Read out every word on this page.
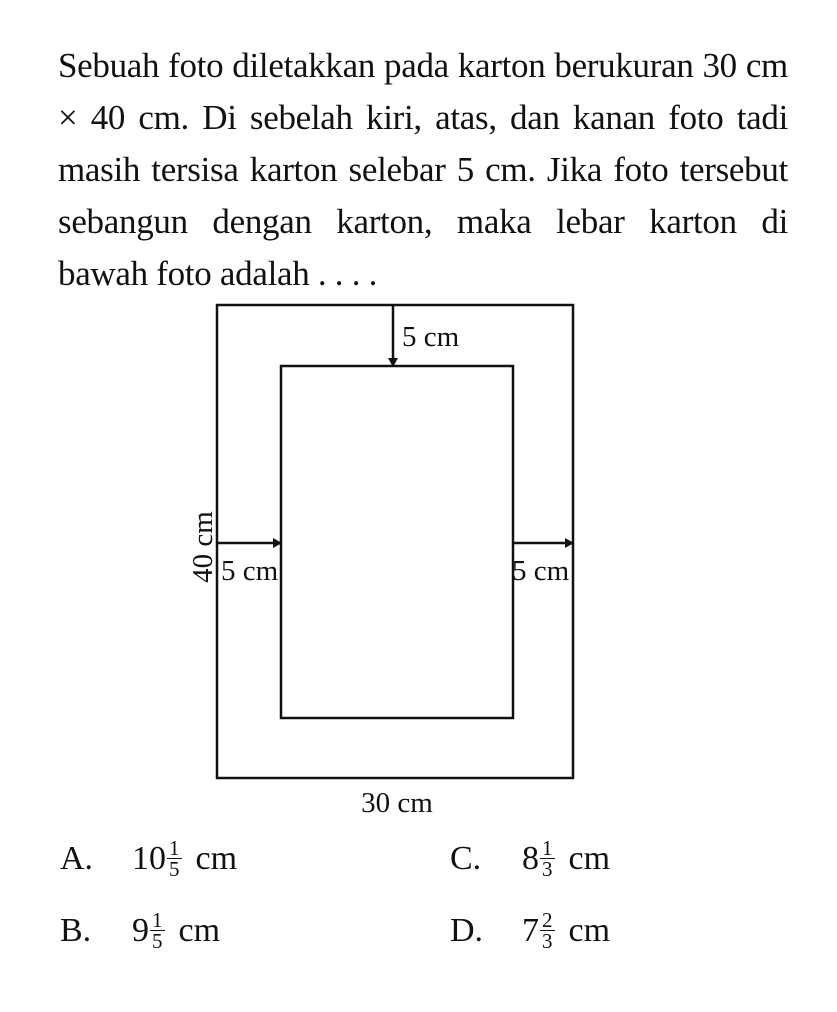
Sebuah foto diletakkan pada karton berukuran 30 cm × 40 cm. Di sebelah kiri, atas, dan kanan foto tadi masih tersisa karton selebar 5 cm. Jika foto tersebut sebangun dengan karton, maka lebar karton di bawah foto adalah . . . .
5 cm
5 cm	5 cm
40 cm
30 cm
A.	$10 \frac{1}{5}$ cm
B.	$9 \frac{1}{5}$ cm
C.	$8 \frac{1}{3}$ cm
D.	$7 \frac{2}{3}$ cm
